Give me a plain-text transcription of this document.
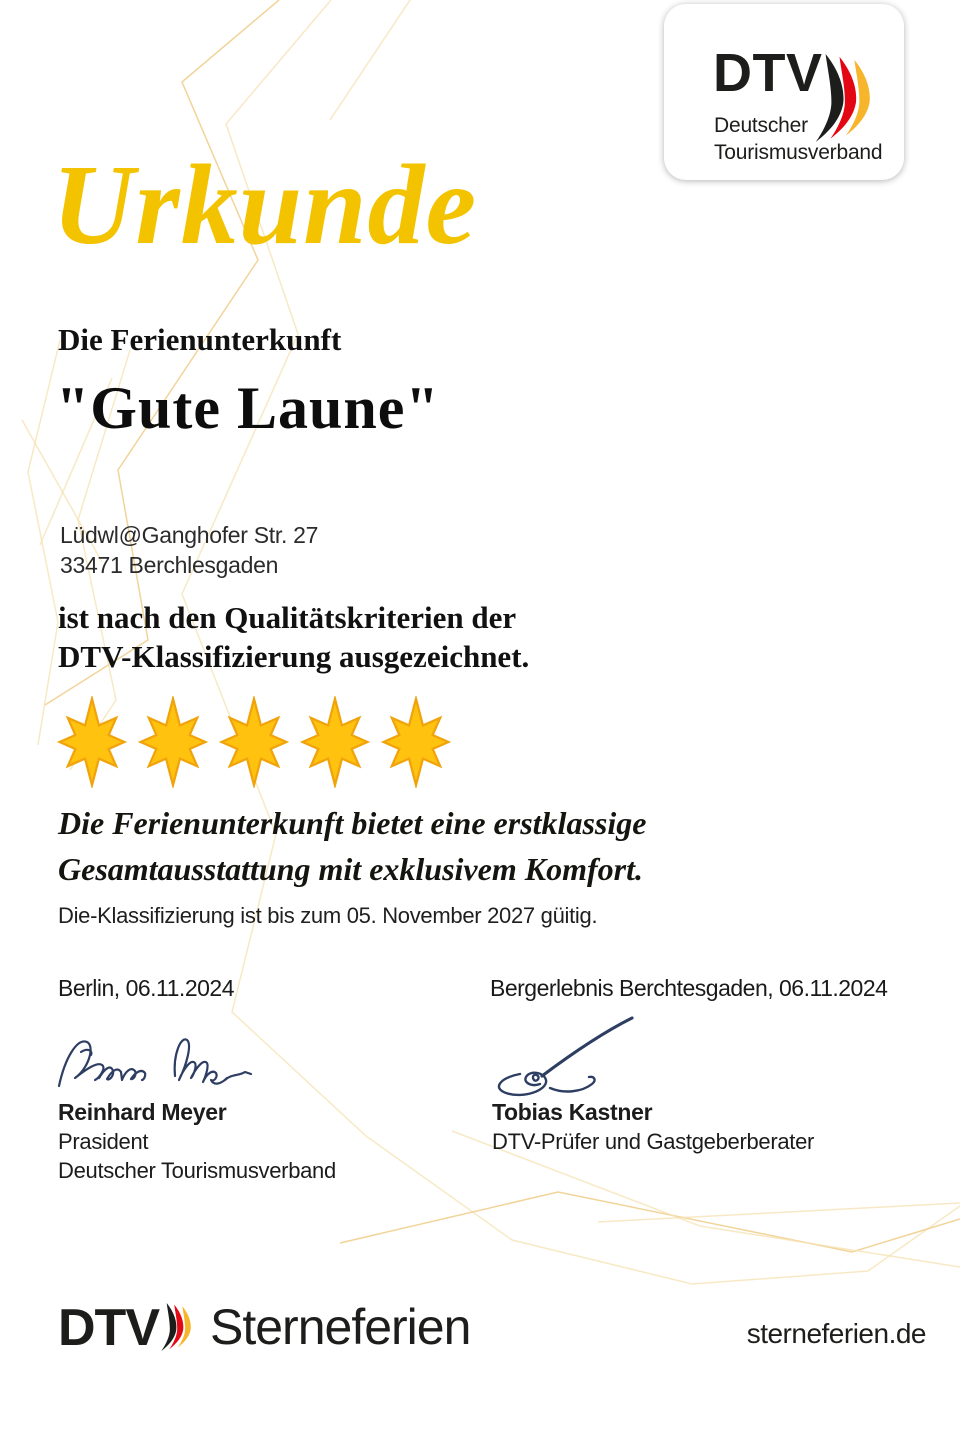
DTV
Deutscher
Tourismusverband
Urkunde
Die Ferienunterkunft
"Gute Laune"
Lüdwl@Ganghofer Str. 27
33471 Berchlesgaden
ist nach den Qualitätskriterien der
DTV-Klassifizierung ausgezeichnet.
Die Ferienunterkunft bietet eine erstklassige
Gesamtausstattung mit exklusivem Komfort.
Die-Klassifizierung ist bis zum 05. November 2027 güitig.
Berlin, 06.11.2024	Bergerlebnis Berchtesgaden, 06.11.2024
Reinhard Meyer
Prasident
Deutscher Tourismusverband
Tobias Kastner
DTV-Prüfer und Gastgeberberater
DTV Sterneferien	sterneferien.de
